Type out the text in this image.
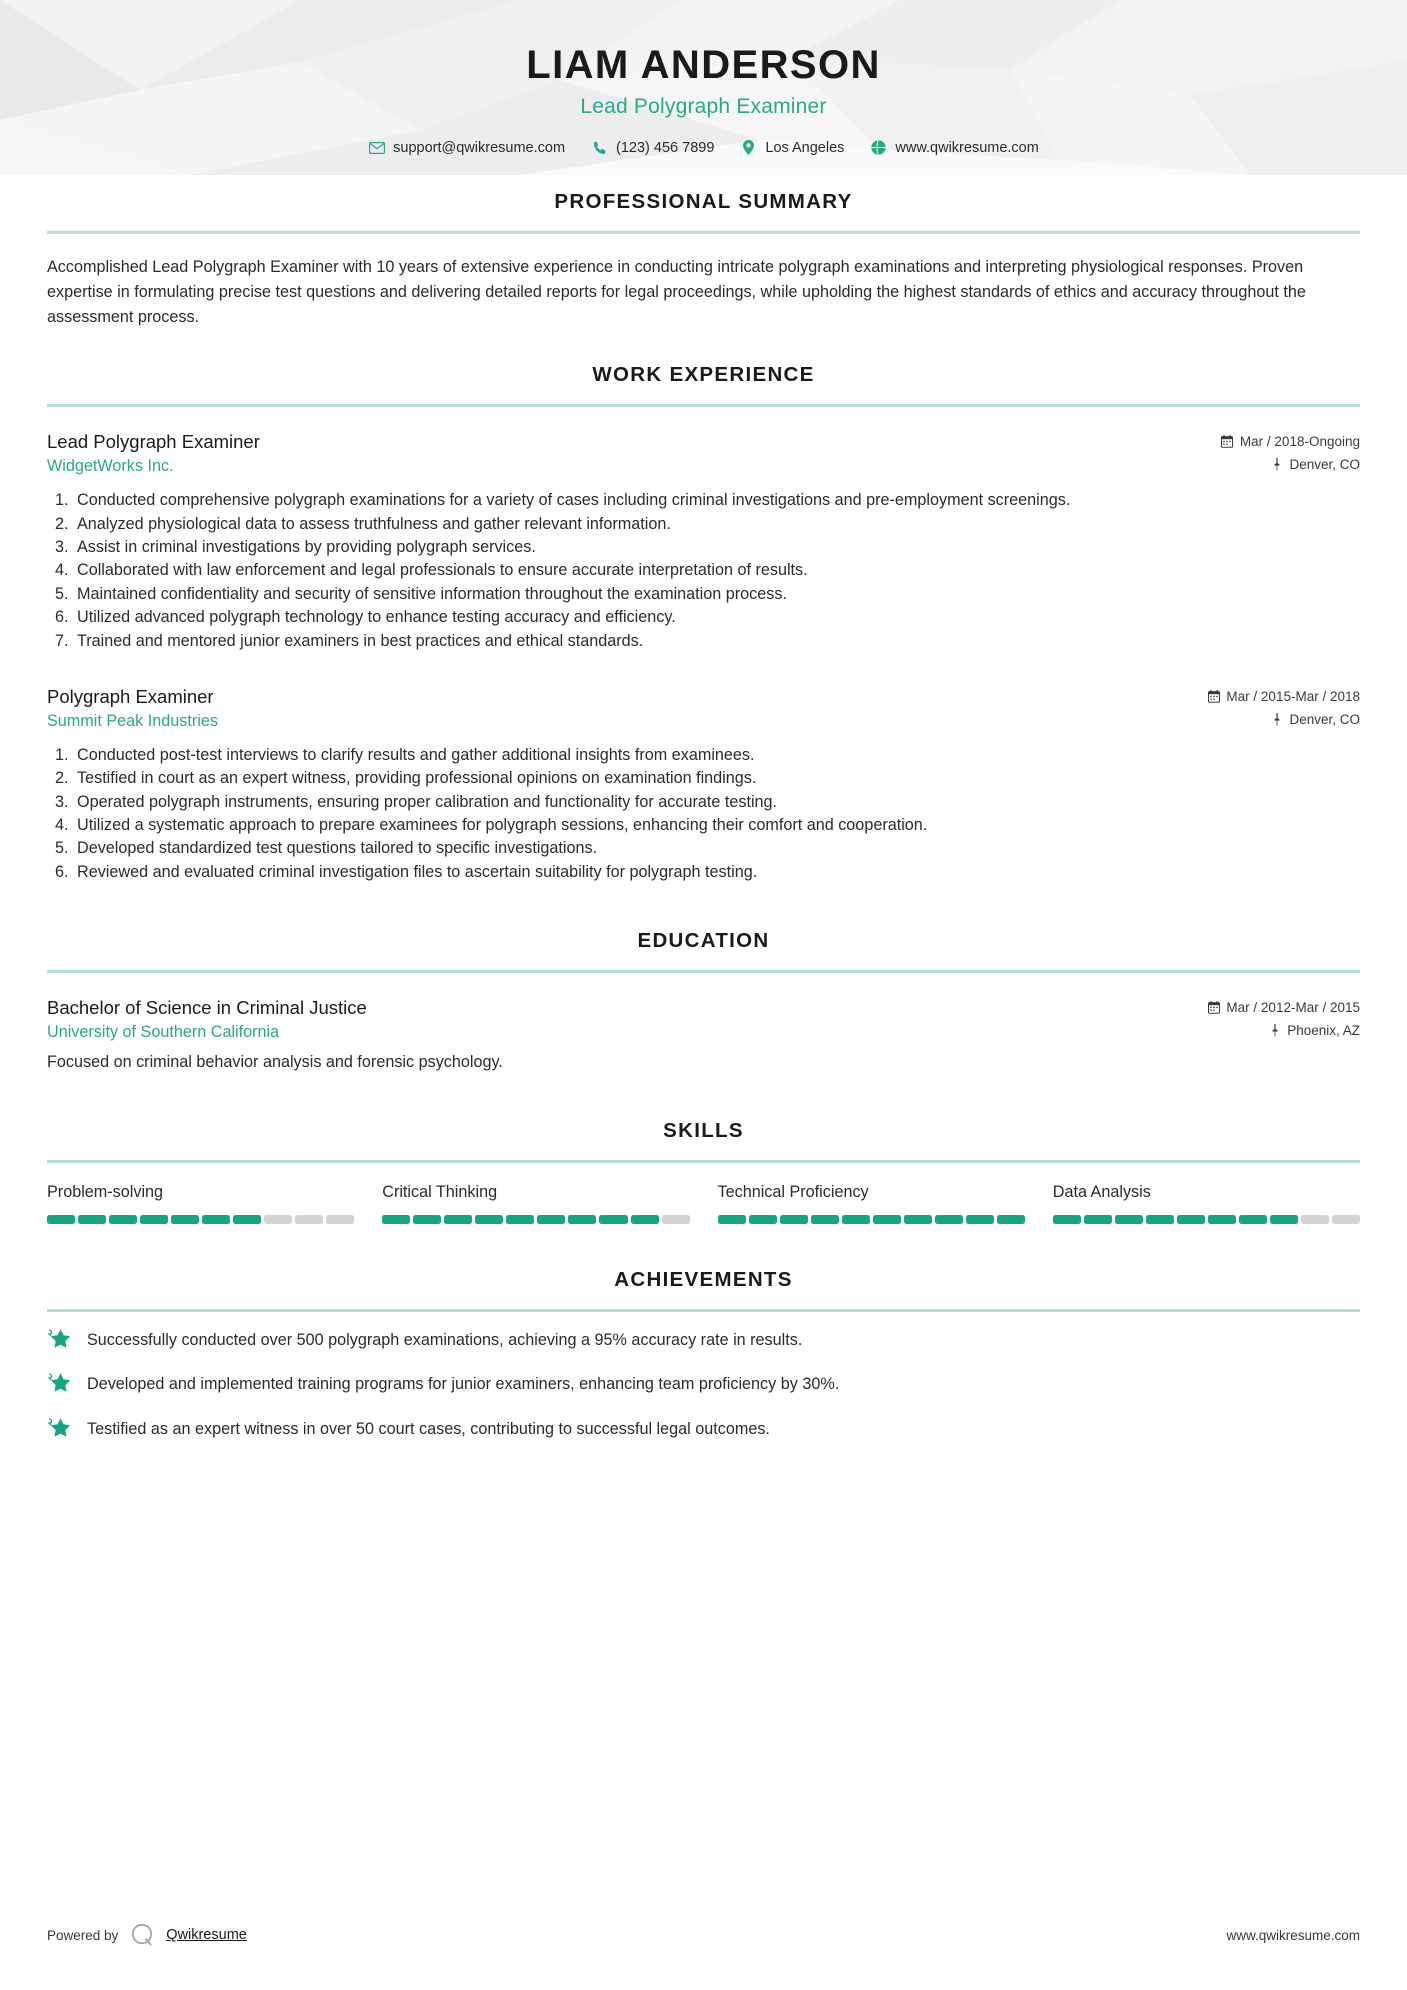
LIAM ANDERSON
Lead Polygraph Examiner
support@qwikresume.com	(123) 456 7899	Los Angeles	www.qwikresume.com
PROFESSIONAL SUMMARY

Accomplished Lead Polygraph Examiner with 10 years of extensive experience in conducting intricate polygraph examinations and interpreting physiological responses. Proven expertise in formulating precise test questions and delivering detailed reports for legal proceedings, while upholding the highest standards of ethics and accuracy throughout the assessment process.

WORK EXPERIENCE
Lead Polygraph Examiner	Mar / 2018-Ongoing
WidgetWorks Inc.	Denver, CO
1. Conducted comprehensive polygraph examinations for a variety of cases including criminal investigations and pre-employment screenings.
2. Analyzed physiological data to assess truthfulness and gather relevant information.
3. Assist in criminal investigations by providing polygraph services.
4. Collaborated with law enforcement and legal professionals to ensure accurate interpretation of results.
5. Maintained confidentiality and security of sensitive information throughout the examination process.
6. Utilized advanced polygraph technology to enhance testing accuracy and efficiency.
7. Trained and mentored junior examiners in best practices and ethical standards.
Polygraph Examiner	Mar / 2015-Mar / 2018
Summit Peak Industries	Denver, CO
1. Conducted post-test interviews to clarify results and gather additional insights from examinees.
2. Testified in court as an expert witness, providing professional opinions on examination findings.
3. Operated polygraph instruments, ensuring proper calibration and functionality for accurate testing.
4. Utilized a systematic approach to prepare examinees for polygraph sessions, enhancing their comfort and cooperation.
5. Developed standardized test questions tailored to specific investigations.
6. Reviewed and evaluated criminal investigation files to ascertain suitability for polygraph testing.
EDUCATION
Bachelor of Science in Criminal Justice	Mar / 2012-Mar / 2015
University of Southern California	Phoenix, AZ
Focused on criminal behavior analysis and forensic psychology.
SKILLS
Problem-solving	Critical Thinking	Technical Proficiency	Data Analysis
ACHIEVEMENTS
Successfully conducted over 500 polygraph examinations, achieving a 95% accuracy rate in results.
Developed and implemented training programs for junior examiners, enhancing team proficiency by 30%.
Testified as an expert witness in over 50 court cases, contributing to successful legal outcomes.
Powered by	Qwikresume	www.qwikresume.com
